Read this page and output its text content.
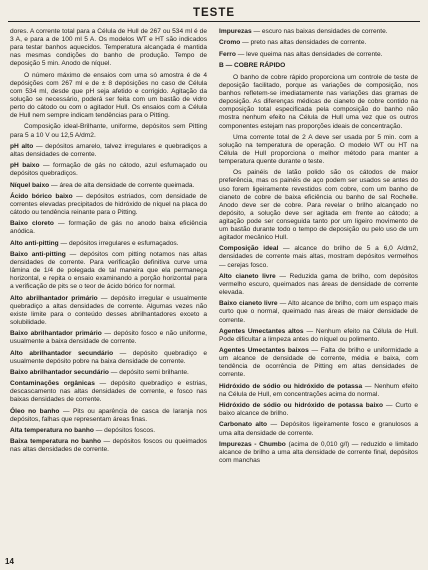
TESTE

dores. A corrente total para a Célula de Hull de 267 ou 534 ml é de 3 A, e para a de 100 ml 5 A. Os modelos WT e HT são indicados para testar banhos aquecidos. Temperatura alcançada é mantida nas mesmas condições do banho de produção. Tempo de deposição 5 min. Anodo de níquel.

O número máximo de ensaios com uma só amostra é de 4 depósições com 267 ml e de ± 8 depósições no caso de Célula com 534 ml, desde que pH seja afetido e corrigido. Agitação da solução se necessário, poderá ser feita com um bastão de vidro perto do cátodo ou com o agitador Hull. Os ensaios com a Célula de Hull nem sempre indicam tendências para o Pitting.

Composição ideal-Brilhante, uniforme, depósitos sem Pitting para 5 a 10 V ou 12,5 A/dm2.

pH alto — depósitos amarelo, talvez irregulares e quebradiços a altas densidades de corrente.

pH baixo — formação de gás no cátodo, azul esfumaçado ou depósitos quebradiços.

Níquel baixo — área de alta densidade de corrente queimada.

Ácido bórico baixo — depósitos estriados, com densidade de correntes elevadas precipitados de hidróxido de níquel na placa do cátodo ou tendência reinante para o Pitting.

Baixo cloreto — formação de gás no anodo baixa eficiência anódica.

Alto anti-pitting — depósitos irregulares e esfumaçados.

Baixo anti-pitting — depósitos com pitting notamos nas altas densidades de corrente. Para verificação definitiva curve uma lâmina de 1/4 de polegada de tal maneira que ela permaneça horizontal, e repita o ensaio examinando a porção horizontal para a verificação de pits se o teor de ácido bórico for normal.

Alto abrilhantador primário — depósito irregular e usualmente quebradiço a altas densidades de corrente. Algumas vezes não existe limite para o conteúdo desses abrilhantadores exceto a solubilidade.

Baixo abrilhantador primário — depósito fosco e não uniforme, usualmente a baixa densidade de corrente.

Alto abrilhantador secundário — depósito quebradiço e usualmente depósito pobre na baixa densidade de corrente.

Baixo abrilhantador secundário — depósito semi brilhante.

Contaminações orgânicas — depósito quebradiço e estrias, descascamento nas altas densidades de corrente, e fosco nas baixas densidades de corrente.

Óleo no banho — Pits ou aparência de casca de laranja nos depósitos, falhas que representam áreas finas.

Alta temperatura no banho — depósitos foscos.

Baixa temperatura no banho — depósitos foscos ou queimados nas altas densidades de corrente.

Impurezas — escuro nas baixas densidades de corrente.

Cromo — preto nas altas densidades de corrente.

Ferro — leve queima nas altas densidades de corrente.

B — COBRE RÁPIDO

O banho de cobre rápido proporciona um controle de teste de deposição facilitado, porque as variações de composição, nos banhos refletem-se imediatamente nas variações das gramas de deposição. As diferenças médicas de cianeto de cobre contido na composição total especificada pela composição do banho não mostra nenhum efeito na Célula de Hull uma vez que os outros componentes estejam nas proporções ideais de concentração.

Uma corrente total de 2 A deve ser usada por 5 min. com a solução na temperatura de operação. O modelo WT ou HT na Célula de Hull proporciona o melhor método para manter a temperatura quente durante o teste.

Os painéis de latão polido são os cátodos de maior preferência, mas os painéis de aço podem ser usados se antes do uso forem ligeiramente revestidos com cobre, com um banho de cianeto de cobre de baixa eficiência ou banho de sal Rochelle. Anodo deve ser de cobre. Para revelar o brilho alcançado no depósito, a solução deve ser agitada em frente ao cátodo; a agitação pode ser conseguida tanto por um ligeiro movimento de um bastão durante todo o tempo de deposição ou pelo uso de um agitador mecânico Hull.

Composição ideal — alcance do brilho de 5 a 6,0 A/dm2, densidades de corrente mais altas, mostram depósitos vermelhos — cerejas fosco.

Alto cianeto livre — Reduzida gama de brilho, com depósitos vermelho escuro, queimados nas áreas de densidade de corrente elevada.

Baixo cianeto livre — Alto alcance de brilho, com um espaço mais curto que o normal, queimado nas áreas de maior densidade de corrente.

Agentes Umectantes altos — Nenhum efeito na Célula de Hull. Pode dificultar a limpeza antes do níquel ou polimento.

Agentes Umectantes baixos — Falta de brilho e uniformidade a um alcance de densidade de corrente, média e baixa, com tendência de ocorrência de Pitting em altas densidades de corrente.

Hidróxido de sódio ou hidróxido de potassa — Nenhum efeito na Célula de Hull, em concentrações acima do normal.

Hidróxido de sódio ou hidróxido de potassa baixo — Curto e baixo alcance de brilho.

Carbonato alto — Depósitos ligeiramente fosco e granulosos a uma alta densidade de corrente.

Impurezas - Chumbo (acima de 0,010 g/l) — reduzido e limitado alcance de brilho a uma alta densidade de corrente final, depósitos com manchas

14
